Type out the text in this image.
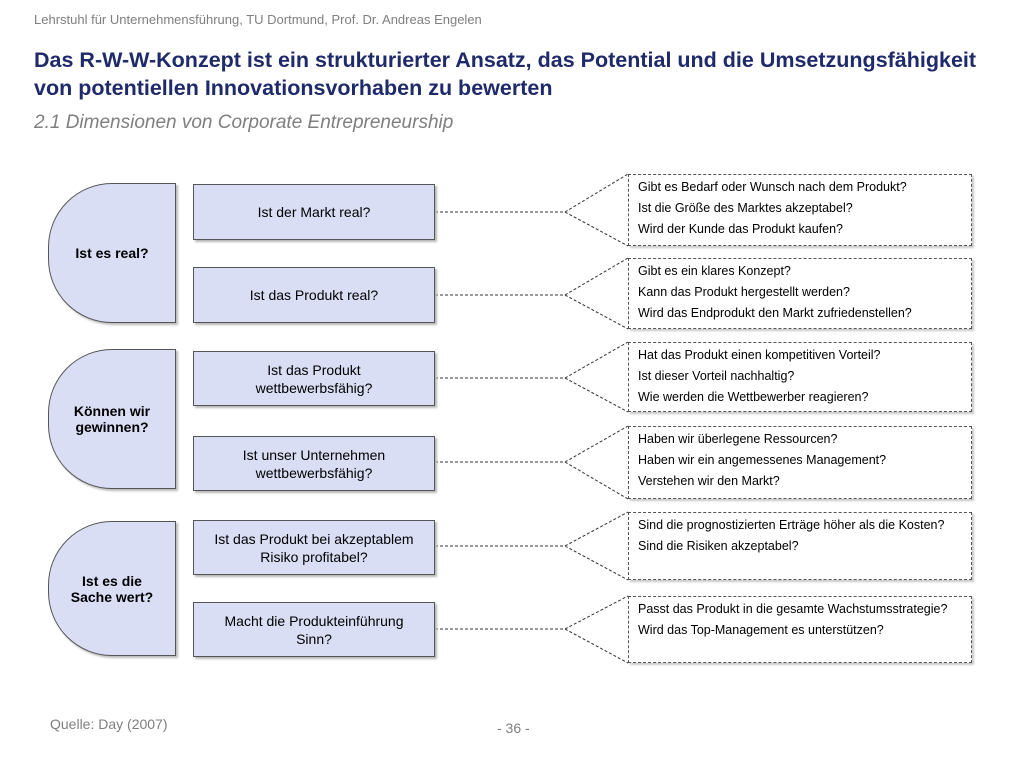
Lehrstuhl für Unternehmensführung, TU Dortmund, Prof. Dr. Andreas Engelen
Das R-W-W-Konzept ist ein strukturierter Ansatz, das Potential und die Umsetzungsfähigkeit von potentiellen Innovationsvorhaben zu bewerten
2.1 Dimensionen von Corporate Entrepreneurship
Ist es real?
Können wir gewinnen?
Ist es die Sache wert?
Ist der Markt real?
Ist das Produkt real?
Ist das Produkt wettbewerbsfähig?
Ist unser Unternehmen wettbewerbsfähig?
Ist das Produkt bei akzeptablem Risiko profitabel?
Macht die Produkteinführung Sinn?
Gibt es Bedarf oder Wunsch nach dem Produkt?
Ist die Größe des Marktes akzeptabel?
Wird der Kunde das Produkt kaufen?
Gibt es ein klares Konzept?
Kann das Produkt hergestellt werden?
Wird das Endprodukt den Markt zufriedenstellen?
Hat das Produkt einen kompetitiven Vorteil?
Ist dieser Vorteil nachhaltig?
Wie werden die Wettbewerber reagieren?
Haben wir überlegene Ressourcen?
Haben wir ein angemessenes Management?
Verstehen wir den Markt?
Sind die prognostizierten Erträge höher als die Kosten?
Sind die Risiken akzeptabel?
Passt das Produkt in die gesamte Wachstumsstrategie?
Wird das Top-Management es unterstützen?
Quelle: Day (2007)	- 36 -
